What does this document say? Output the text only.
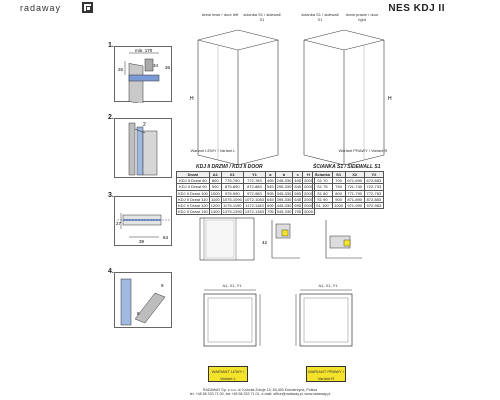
radaway	NES KDJ II
1.
min. 170
26
34 36
2.
2
3.
27
39
64
4.
8
9
H
drzwi lewe / door left	ścianka S1 / sidewall S1
Wariant LEWY / Variant L
H
ścianka S1 / sidewall S1
drzwi prawe / door right
Wariant PRAWY / Variant R
KDJ II DRZWI / KDJ II DOOR
Drzwi	A1	X1	Y1	a	b	c	H
KDJ II Drzwi 80	800	775-790	772-783	495	245-330	495	2000
KDJ II Drzwi 90	900	875-890	872-883	545	295-330	545	2000
KDJ II Drzwi 100	1000	975-990	972-983	595	345-330	595	2000
KDJ II Drzwi 110	1100	1075-1090	1072-1083	645	395-330	645	2000
KDJ II Drzwi 120	1200	1175-1190	1172-1183	695	445-330	695	2000
KDJ II Drzwi 140	1400	1375-1390	1372-1383	795	545-330	795	2000
ŚCIANKA S1 / SIDEWALL S1
Ścianka	S1	X2	Y2
S1 70	700	671-690	672-683
S1 75	750	721-740	722-733
S1 80	800	771-790	772-783
S1 90	900	871-890	872-883
S1 100	1000	971-990	972-983
42
A1, X1, Y1
WARIANT LEWY / Variant L
A1, X1, Y1
WARIANT PRAWY / Variant R
RADAWAY Sp. z o.o. ul. Kolonia Zdroje 15, 83-400 Kościerzyna, Polska
tel. +48 58 333 71 00, fax +48 58 333 71 01, e-mail: office@radaway.pl, www.radaway.pl
